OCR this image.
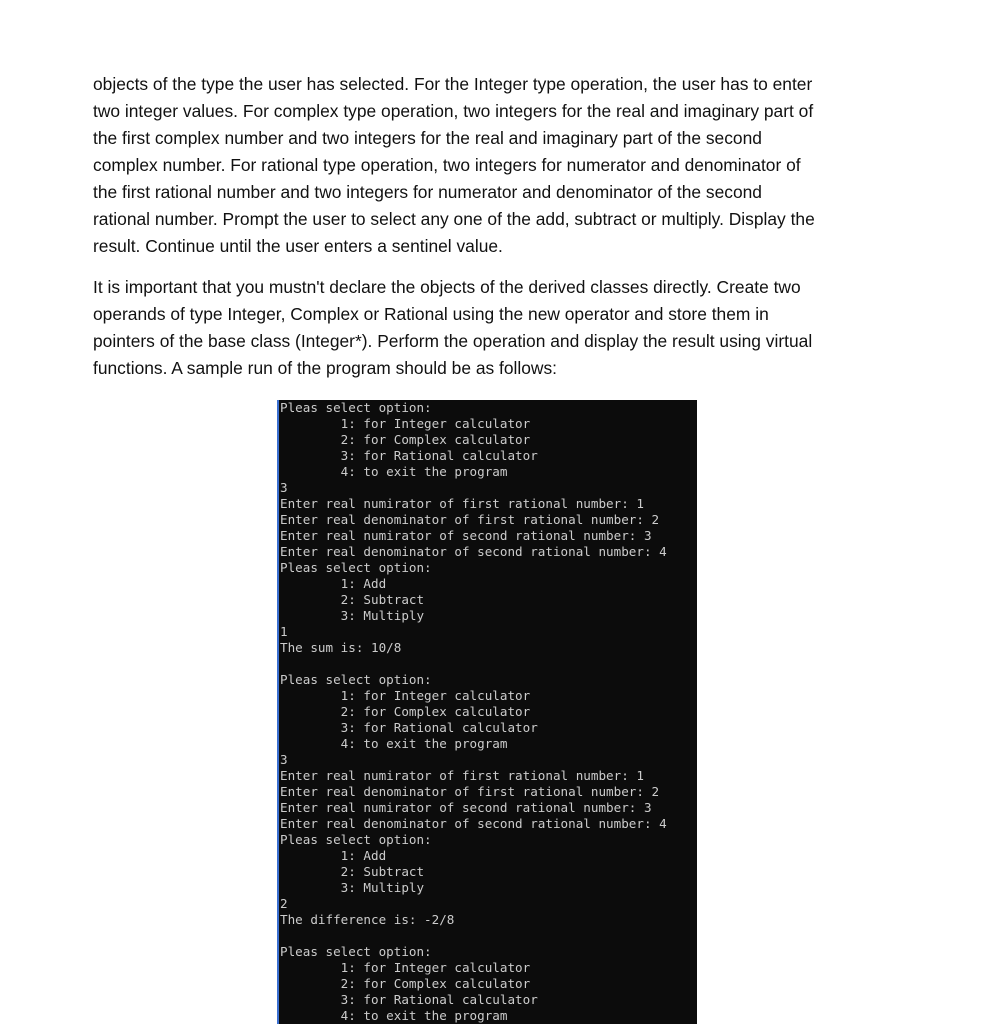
objects of the type the user has selected. For the Integer type operation, the user has to enter
two integer values. For complex type operation, two integers for the real and imaginary part of
the first complex number and two integers for the real and imaginary part of the second
complex number. For rational type operation, two integers for numerator and denominator of
the first rational number and two integers for numerator and denominator of the second
rational number. Prompt the user to select any one of the add, subtract or multiply. Display the
result. Continue until the user enters a sentinel value.

It is important that you mustn't declare the objects of the derived classes directly. Create two
operands of type Integer, Complex or Rational using the new operator and store them in
pointers of the base class (Integer*). Perform the operation and display the result using virtual
functions. A sample run of the program should be as follows:

Pleas select option:
1: for Integer calculator
2: for Complex calculator
3: for Rational calculator
4: to exit the program
3
Enter real numirator of first rational number: 1
Enter real denominator of first rational number: 2
Enter real numirator of second rational number: 3
Enter real denominator of second rational number: 4
Pleas select option:
1: Add
2: Subtract
3: Multiply
1
The sum is: 10/8
Pleas select option:
1: for Integer calculator
2: for Complex calculator
3: for Rational calculator
4: to exit the program
3
Enter real numirator of first rational number: 1
Enter real denominator of first rational number: 2
Enter real numirator of second rational number: 3
Enter real denominator of second rational number: 4
Pleas select option:
1: Add
2: Subtract
3: Multiply
2
The difference is: -2/8
Pleas select option:
1: for Integer calculator
2: for Complex calculator
3: for Rational calculator
4: to exit the program
